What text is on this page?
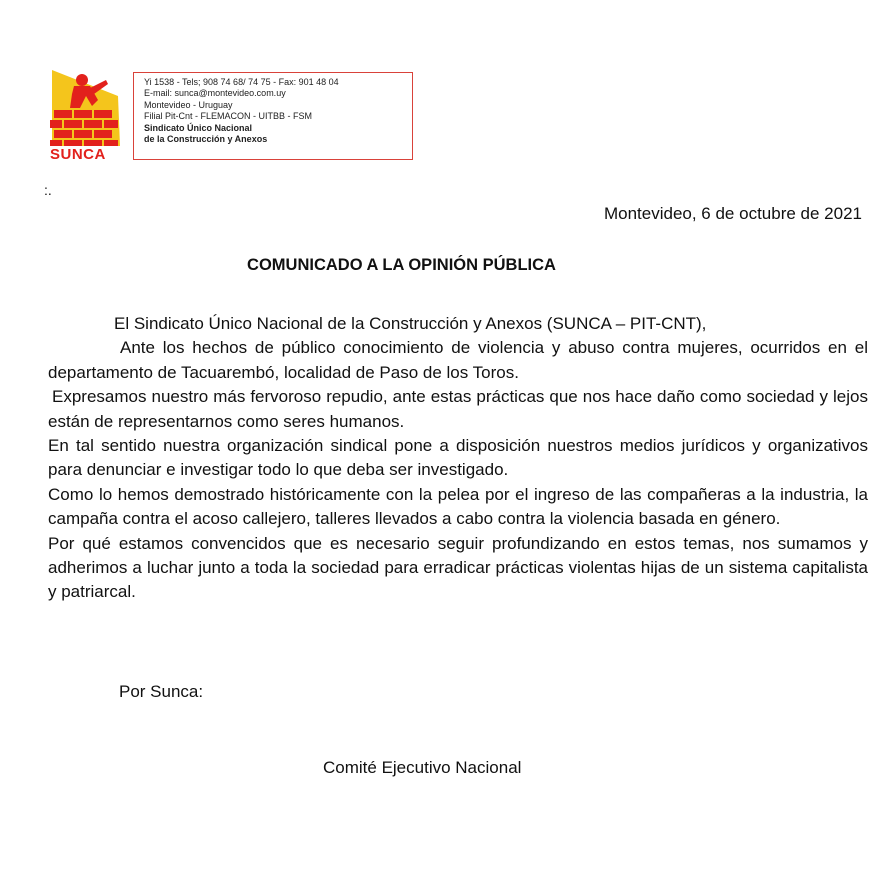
SUNCA
Yi 1538 - Tels; 908 74 68/ 74 75 - Fax: 901 48 04
E-mail: sunca@montevideo.com.uy
Montevideo - Uruguay
Filial Pit-Cnt - FLEMACON - UITBB - FSM
Sindicato Único Nacional
de la Construcción y Anexos
:.
Montevideo, 6 de octubre de 2021
COMUNICADO A LA OPINIÓN PÚBLICA

El Sindicato Único Nacional de la Construcción y Anexos (SUNCA – PIT-CNT),

Ante los hechos de público conocimiento de violencia y abuso contra mujeres, ocurridos en el departamento de Tacuarembó, localidad de Paso de los Toros.

Expresamos nuestro más fervoroso repudio, ante estas prácticas que nos hace daño como sociedad y lejos están de representarnos como seres humanos.

En tal sentido nuestra organización sindical pone a disposición nuestros medios jurídicos y organizativos para denunciar e investigar todo lo que deba ser investigado.

Como lo hemos demostrado históricamente con la pelea por el ingreso de las compañeras a la industria, la campaña contra el acoso callejero, talleres llevados a cabo contra la violencia basada en género.

Por qué estamos convencidos que es necesario seguir profundizando en estos temas, nos sumamos y adherimos a luchar junto a toda la sociedad para erradicar prácticas violentas hijas de un sistema capitalista y patriarcal.

Por Sunca:
Comité Ejecutivo Nacional
